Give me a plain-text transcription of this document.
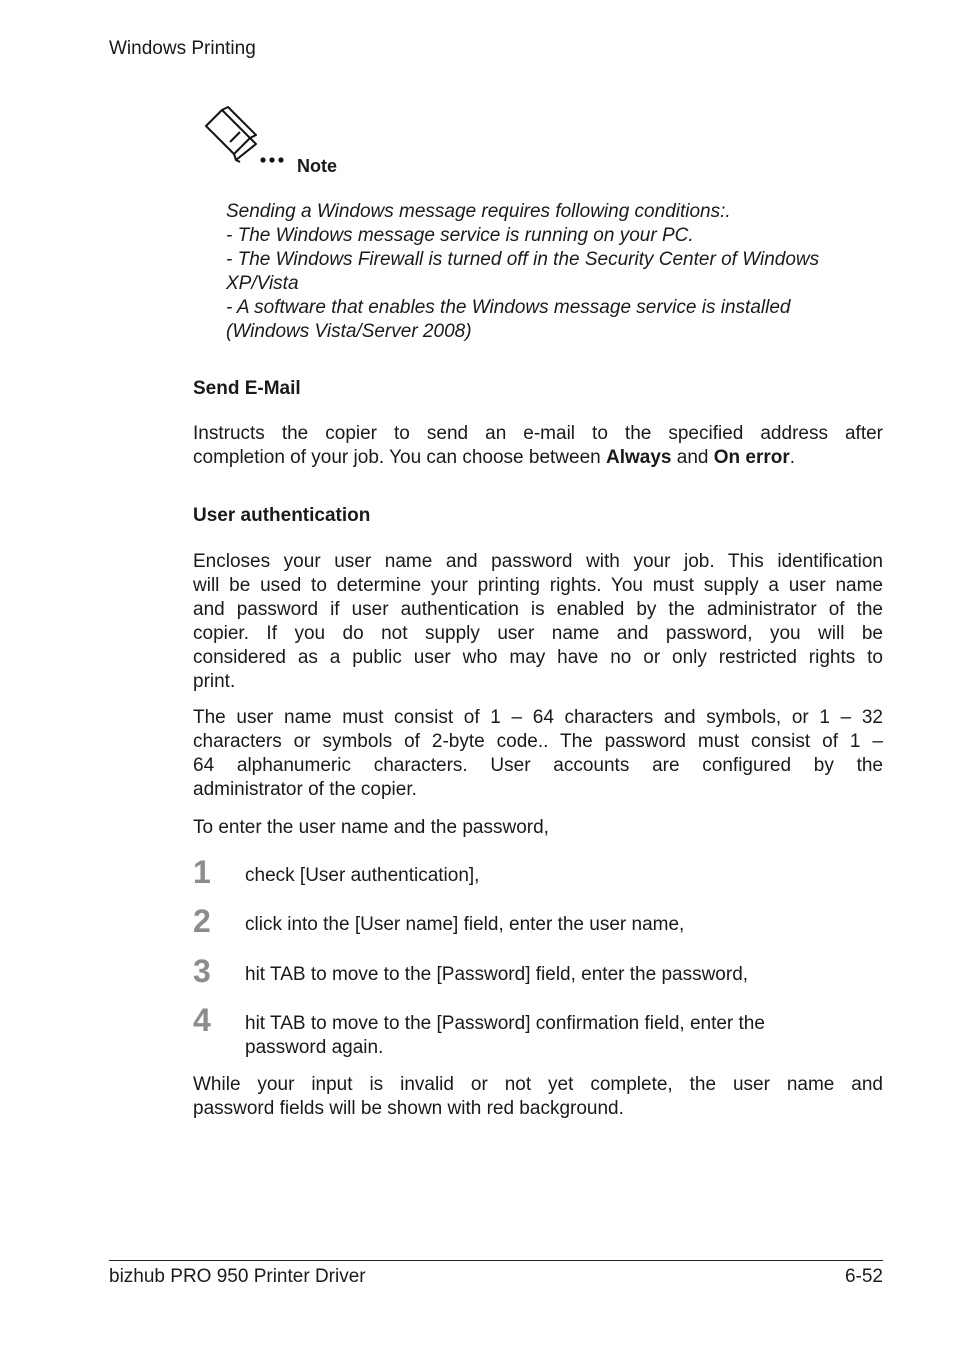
Windows Printing
Note
Sending a Windows message requires following conditions:.
- The Windows message service is running on your PC.
- The Windows Firewall is turned off in the Security Center of Windows
XP/Vista
- A software that enables the Windows message service is installed
(Windows Vista/Server 2008)
Send E-Mail
Instructs the copier to send an e-mail to the specified address after
completion of your job. You can choose between Always and On error.
User authentication
Encloses your user name and password with your job. This identification
will be used to determine your printing rights. You must supply a user name
and password if user authentication is enabled by the administrator of the
copier. If you do not supply user name and password, you will be
considered as a public user who may have no or only restricted rights to
print.
The user name must consist of 1 – 64 characters and symbols, or 1 – 32
characters or symbols of 2-byte code.. The password must consist of 1 –
64 alphanumeric characters. User accounts are configured by the
administrator of the copier.
To enter the user name and the password,
1 check [User authentication],
2 click into the [User name] field, enter the user name,
3 hit TAB to move to the [Password] field, enter the password,
4 hit TAB to move to the [Password] confirmation field, enter the
password again.
While your input is invalid or not yet complete, the user name and
password fields will be shown with red background.
bizhub PRO 950 Printer Driver	6-52
